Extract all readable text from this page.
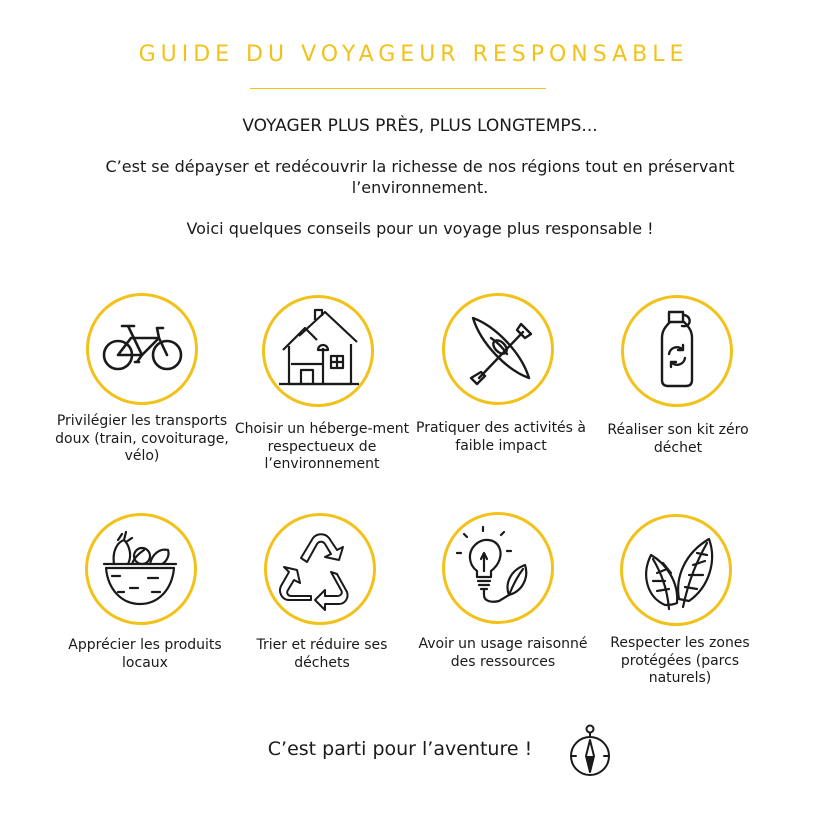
GUIDE DU VOYAGEUR RESPONSABLE
VOYAGER PLUS PRÈS, PLUS LONGTEMPS...
C’est se dépayser et redécouvrir la richesse de nos régions tout en préservant l’environnement.
Voici quelques conseils pour un voyage plus responsable !
Privilégier les transports doux (train, covoiturage, vélo)
Choisir un héberge-ment respectueux de l’environnement
Pratiquer des activités à faible impact
Réaliser son kit zéro déchet
Apprécier les produits locaux
Trier et réduire ses déchets
Avoir un usage raisonné des ressources
Respecter les zones protégées (parcs naturels)
C’est parti pour l’aventure !
